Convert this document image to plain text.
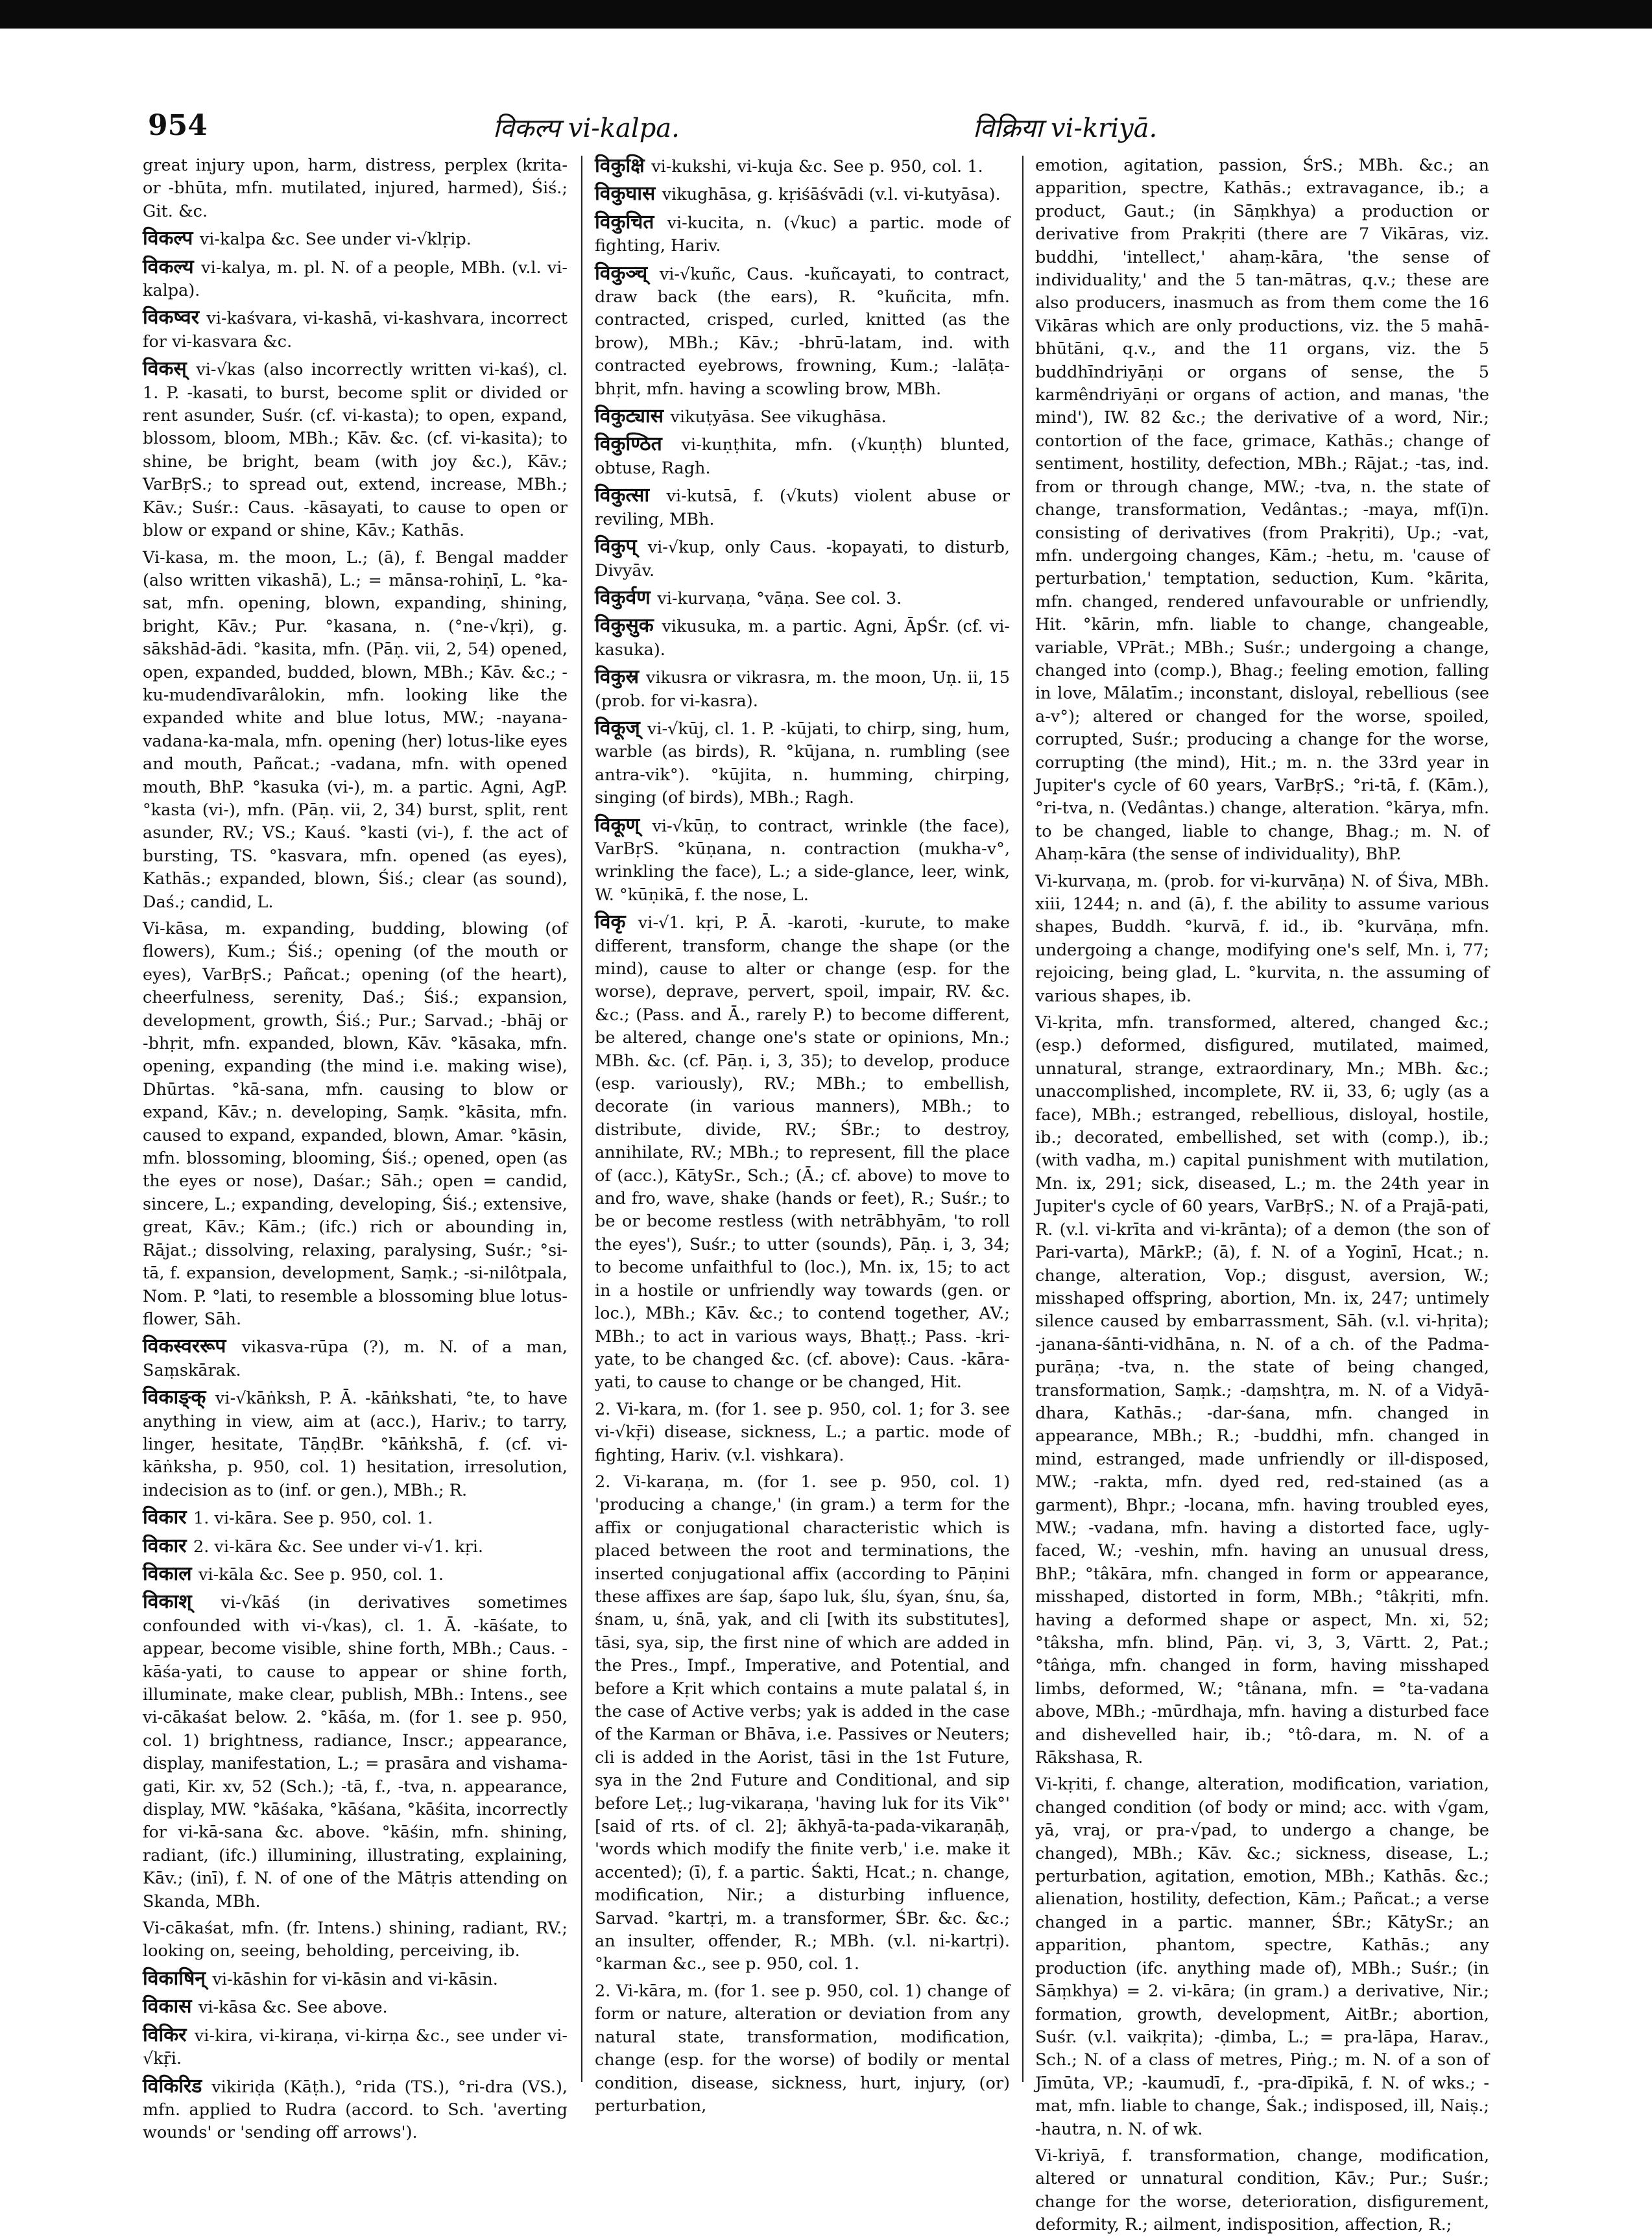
954	विकल्प vi-kalpa.	विक्रिया vi-kriyā.

great injury upon, harm, distress, perplex (krita- or -bhūta, mfn. mutilated, injured, harmed), Śiś.; Git. &c.

विकल्प vi-kalpa &c. See under vi-√klṛip.

विकल्य vi-kalya, m. pl. N. of a people, MBh. (v.l. vi-kalpa).

विकष्वर vi-kaśvara, vi-kashā, vi-kashvara, incorrect for vi-kasvara &c.

विकस् vi-√kas (also incorrectly written vi-kaś), cl. 1. P. -kasati, to burst, become split or divided or rent asunder, Suśr. (cf. vi-kasta); to open, expand, blossom, bloom, MBh.; Kāv. &c. (cf. vi-kasita); to shine, be bright, beam (with joy &c.), Kāv.; VarBṛS.; to spread out, extend, increase, MBh.; Kāv.; Suśr.: Caus. -kāsayati, to cause to open or blow or expand or shine, Kāv.; Kathās.

Vi-kasa, m. the moon, L.; (ā), f. Bengal madder (also written vikashā), L.; = mānsa-rohiṇī, L. °ka-sat, mfn. opening, blown, expanding, shining, bright, Kāv.; Pur. °kasana, n. (°ne-√kṛi), g. sākshād-ādi. °kasita, mfn. (Pāṇ. vii, 2, 54) opened, open, expanded, budded, blown, MBh.; Kāv. &c.; -ku-mudendīvarâlokin, mfn. looking like the expanded white and blue lotus, MW.; -nayana-vadana-ka-mala, mfn. opening (her) lotus-like eyes and mouth, Pañcat.; -vadana, mfn. with opened mouth, BhP. °kasuka (vi-), m. a partic. Agni, AgP. °kasta (vi-), mfn. (Pāṇ. vii, 2, 34) burst, split, rent asunder, RV.; VS.; Kauś. °kasti (vi-), f. the act of bursting, TS. °kasvara, mfn. opened (as eyes), Kathās.; expanded, blown, Śiś.; clear (as sound), Daś.; candid, L.

Vi-kāsa, m. expanding, budding, blowing (of flowers), Kum.; Śiś.; opening (of the mouth or eyes), VarBṛS.; Pañcat.; opening (of the heart), cheerfulness, serenity, Daś.; Śiś.; expansion, development, growth, Śiś.; Pur.; Sarvad.; -bhāj or -bhṛit, mfn. expanded, blown, Kāv. °kāsaka, mfn. opening, expanding (the mind i.e. making wise), Dhūrtas. °kā-sana, mfn. causing to blow or expand, Kāv.; n. developing, Saṃk. °kāsita, mfn. caused to expand, expanded, blown, Amar. °kāsin, mfn. blossoming, blooming, Śiś.; opened, open (as the eyes or nose), Daśar.; Sāh.; open = candid, sincere, L.; expanding, developing, Śiś.; extensive, great, Kāv.; Kām.; (ifc.) rich or abounding in, Rājat.; dissolving, relaxing, paralysing, Suśr.; °si-tā, f. expansion, development, Saṃk.; -si-nilôtpala, Nom. P. °lati, to resemble a blossoming blue lotus-flower, Sāh.

विकस्वररूप vikasva-rūpa (?), m. N. of a man, Saṃskārak.

विकाङ्क् vi-√kāṅksh, P. Ā. -kāṅkshati, °te, to have anything in view, aim at (acc.), Hariv.; to tarry, linger, hesitate, TāṇḍBr. °kāṅkshā, f. (cf. vi-kāṅksha, p. 950, col. 1) hesitation, irresolution, indecision as to (inf. or gen.), MBh.; R.

विकार 1. vi-kāra. See p. 950, col. 1.

विकार 2. vi-kāra &c. See under vi-√1. kṛi.

विकाल vi-kāla &c. See p. 950, col. 1.

विकाश् vi-√kāś (in derivatives sometimes confounded with vi-√kas), cl. 1. Ā. -kāśate, to appear, become visible, shine forth, MBh.; Caus. -kāśa-yati, to cause to appear or shine forth, illuminate, make clear, publish, MBh.: Intens., see vi-cākaśat below. 2. °kāśa, m. (for 1. see p. 950, col. 1) brightness, radiance, Inscr.; appearance, display, manifestation, L.; = prasāra and vishama-gati, Kir. xv, 52 (Sch.); -tā, f., -tva, n. appearance, display, MW. °kāśaka, °kāśana, °kāśita, incorrectly for vi-kā-sana &c. above. °kāśin, mfn. shining, radiant, (ifc.) illumining, illustrating, explaining, Kāv.; (inī), f. N. of one of the Mātṛis attending on Skanda, MBh.

Vi-cākaśat, mfn. (fr. Intens.) shining, radiant, RV.; looking on, seeing, beholding, perceiving, ib.

विकाषिन् vi-kāshin for vi-kāsin and vi-kāsin.

विकास vi-kāsa &c. See above.

विकिर vi-kira, vi-kiraṇa, vi-kirṇa &c., see under vi-√kṝi.

विकिरिड vikiriḍa (Kāṭh.), °rida (TS.), °ri-dra (VS.), mfn. applied to Rudra (accord. to Sch. 'averting wounds' or 'sending off arrows').

विकुक्षि vi-kukshi, vi-kuja &c. See p. 950, col. 1.

विकुघास vikughāsa, g. kṛiśāśvādi (v.l. vi-kutyāsa).

विकुचित vi-kucita, n. (√kuc) a partic. mode of fighting, Hariv.

विकुञ्च् vi-√kuñc, Caus. -kuñcayati, to contract, draw back (the ears), R. °kuñcita, mfn. contracted, crisped, curled, knitted (as the brow), MBh.; Kāv.; -bhrū-latam, ind. with contracted eyebrows, frowning, Kum.; -lalāṭa-bhṛit, mfn. having a scowling brow, MBh.

विकुट्यास vikuṭyāsa. See vikughāsa.

विकुण्ठित vi-kuṇṭhita, mfn. (√kuṇṭh) blunted, obtuse, Ragh.

विकुत्सा vi-kutsā, f. (√kuts) violent abuse or reviling, MBh.

विकुप् vi-√kup, only Caus. -kopayati, to disturb, Divyāv.

विकुर्वण vi-kurvaṇa, °vāṇa. See col. 3.

विकुसुक vikusuka, m. a partic. Agni, ĀpŚr. (cf. vi-kasuka).

विकुस्र vikusra or vikrasra, m. the moon, Uṇ. ii, 15 (prob. for vi-kasra).

विकूज् vi-√kūj, cl. 1. P. -kūjati, to chirp, sing, hum, warble (as birds), R. °kūjana, n. rumbling (see antra-vik°). °kūjita, n. humming, chirping, singing (of birds), MBh.; Ragh.

विकूण् vi-√kūṇ, to contract, wrinkle (the face), VarBṛS. °kūṇana, n. contraction (mukha-v°, wrinkling the face), L.; a side-glance, leer, wink, W. °kūṇikā, f. the nose, L.

विकृ vi-√1. kṛi, P. Ā. -karoti, -kurute, to make different, transform, change the shape (or the mind), cause to alter or change (esp. for the worse), deprave, pervert, spoil, impair, RV. &c. &c.; (Pass. and Ā., rarely P.) to become different, be altered, change one's state or opinions, Mn.; MBh. &c. (cf. Pāṇ. i, 3, 35); to develop, produce (esp. variously), RV.; MBh.; to embellish, decorate (in various manners), MBh.; to distribute, divide, RV.; ŚBr.; to destroy, annihilate, RV.; MBh.; to represent, fill the place of (acc.), KātySr., Sch.; (Ā.; cf. above) to move to and fro, wave, shake (hands or feet), R.; Suśr.; to be or become restless (with netrābhyām, 'to roll the eyes'), Suśr.; to utter (sounds), Pāṇ. i, 3, 34; to become unfaithful to (loc.), Mn. ix, 15; to act in a hostile or unfriendly way towards (gen. or loc.), MBh.; Kāv. &c.; to contend together, AV.; MBh.; to act in various ways, Bhaṭṭ.; Pass. -kri-yate, to be changed &c. (cf. above): Caus. -kāra-yati, to cause to change or be changed, Hit.

2. Vi-kara, m. (for 1. see p. 950, col. 1; for 3. see vi-√kṝi) disease, sickness, L.; a partic. mode of fighting, Hariv. (v.l. vishkara).

2. Vi-karaṇa, m. (for 1. see p. 950, col. 1) 'producing a change,' (in gram.) a term for the affix or conjugational characteristic which is placed between the root and terminations, the inserted conjugational affix (according to Pāṇini these affixes are śap, śapo luk, ślu, śyan, śnu, śa, śnam, u, śnā, yak, and cli [with its substitutes], tāsi, sya, sip, the first nine of which are added in the Pres., Impf., Imperative, and Potential, and before a Kṛit which contains a mute palatal ś, in the case of Active verbs; yak is added in the case of the Karman or Bhāva, i.e. Passives or Neuters; cli is added in the Aorist, tāsi in the 1st Future, sya in the 2nd Future and Conditional, and sip before Leṭ.; lug-vikaraṇa, 'having luk for its Vik°' [said of rts. of cl. 2]; ākhyā-ta-pada-vikaraṇāḥ, 'words which modify the finite verb,' i.e. make it accented); (ī), f. a partic. Śakti, Hcat.; n. change, modification, Nir.; a disturbing influence, Sarvad. °kartṛi, m. a transformer, ŚBr. &c. &c.; an insulter, offender, R.; MBh. (v.l. ni-kartṛi). °karman &c., see p. 950, col. 1.

2. Vi-kāra, m. (for 1. see p. 950, col. 1) change of form or nature, alteration or deviation from any natural state, transformation, modification, change (esp. for the worse) of bodily or mental condition, disease, sickness, hurt, injury, (or) perturbation,

emotion, agitation, passion, ŚrS.; MBh. &c.; an apparition, spectre, Kathās.; extravagance, ib.; a product, Gaut.; (in Sāṃkhya) a production or derivative from Prakṛiti (there are 7 Vikāras, viz. buddhi, 'intellect,' ahaṃ-kāra, 'the sense of individuality,' and the 5 tan-mātras, q.v.; these are also producers, inasmuch as from them come the 16 Vikāras which are only productions, viz. the 5 mahā-bhūtāni, q.v., and the 11 organs, viz. the 5 buddhīndriyāṇi or organs of sense, the 5 karmêndriyāṇi or organs of action, and manas, 'the mind'), IW. 82 &c.; the derivative of a word, Nir.; contortion of the face, grimace, Kathās.; change of sentiment, hostility, defection, MBh.; Rājat.; -tas, ind. from or through change, MW.; -tva, n. the state of change, transformation, Vedântas.; -maya, mf(ī)n. consisting of derivatives (from Prakṛiti), Up.; -vat, mfn. undergoing changes, Kām.; -hetu, m. 'cause of perturbation,' temptation, seduction, Kum. °kārita, mfn. changed, rendered unfavourable or unfriendly, Hit. °kārin, mfn. liable to change, changeable, variable, VPrāt.; MBh.; Suśr.; undergoing a change, changed into (comp.), Bhag.; feeling emotion, falling in love, Mālatīm.; inconstant, disloyal, rebellious (see a-v°); altered or changed for the worse, spoiled, corrupted, Suśr.; producing a change for the worse, corrupting (the mind), Hit.; m. n. the 33rd year in Jupiter's cycle of 60 years, VarBṛS.; °ri-tā, f. (Kām.), °ri-tva, n. (Vedântas.) change, alteration. °kārya, mfn. to be changed, liable to change, Bhag.; m. N. of Ahaṃ-kāra (the sense of individuality), BhP.

Vi-kurvaṇa, m. (prob. for vi-kurvāṇa) N. of Śiva, MBh. xiii, 1244; n. and (ā), f. the ability to assume various shapes, Buddh. °kurvā, f. id., ib. °kurvāṇa, mfn. undergoing a change, modifying one's self, Mn. i, 77; rejoicing, being glad, L. °kurvita, n. the assuming of various shapes, ib.

Vi-kṛita, mfn. transformed, altered, changed &c.; (esp.) deformed, disfigured, mutilated, maimed, unnatural, strange, extraordinary, Mn.; MBh. &c.; unaccomplished, incomplete, RV. ii, 33, 6; ugly (as a face), MBh.; estranged, rebellious, disloyal, hostile, ib.; decorated, embellished, set with (comp.), ib.; (with vadha, m.) capital punishment with mutilation, Mn. ix, 291; sick, diseased, L.; m. the 24th year in Jupiter's cycle of 60 years, VarBṛS.; N. of a Prajā-pati, R. (v.l. vi-krīta and vi-krānta); of a demon (the son of Pari-varta), MārkP.; (ā), f. N. of a Yoginī, Hcat.; n. change, alteration, Vop.; disgust, aversion, W.; misshaped offspring, abortion, Mn. ix, 247; untimely silence caused by embarrassment, Sāh. (v.l. vi-hṛita); -janana-śānti-vidhāna, n. N. of a ch. of the Padma-purāṇa; -tva, n. the state of being changed, transformation, Saṃk.; -daṃshṭra, m. N. of a Vidyā-dhara, Kathās.; -dar-śana, mfn. changed in appearance, MBh.; R.; -buddhi, mfn. changed in mind, estranged, made unfriendly or ill-disposed, MW.; -rakta, mfn. dyed red, red-stained (as a garment), Bhpr.; -locana, mfn. having troubled eyes, MW.; -vadana, mfn. having a distorted face, ugly-faced, W.; -veshin, mfn. having an unusual dress, BhP.; °tâkāra, mfn. changed in form or appearance, misshaped, distorted in form, MBh.; °tâkṛiti, mfn. having a deformed shape or aspect, Mn. xi, 52; °tâksha, mfn. blind, Pāṇ. vi, 3, 3, Vārtt. 2, Pat.; °tâṅga, mfn. changed in form, having misshaped limbs, deformed, W.; °tânana, mfn. = °ta-vadana above, MBh.; -mūrdhaja, mfn. having a disturbed face and dishevelled hair, ib.; °tô-dara, m. N. of a Rākshasa, R.

Vi-kṛiti, f. change, alteration, modification, variation, changed condition (of body or mind; acc. with √gam, yā, vraj, or pra-√pad, to undergo a change, be changed), MBh.; Kāv. &c.; sickness, disease, L.; perturbation, agitation, emotion, MBh.; Kathās. &c.; alienation, hostility, defection, Kām.; Pañcat.; a verse changed in a partic. manner, ŚBr.; KātySr.; an apparition, phantom, spectre, Kathās.; any production (ifc. anything made of), MBh.; Suśr.; (in Sāṃkhya) = 2. vi-kāra; (in gram.) a derivative, Nir.; formation, growth, development, AitBr.; abortion, Suśr. (v.l. vaikṛita); -ḍimba, L.; = pra-lāpa, Harav., Sch.; N. of a class of metres, Piṅg.; m. N. of a son of Jīmūta, VP.; -kaumudī, f., -pra-dīpikā, f. N. of wks.; -mat, mfn. liable to change, Śak.; indisposed, ill, Naiṣ.; -hautra, n. N. of wk.

Vi-kriyā, f. transformation, change, modification, altered or unnatural condition, Kāv.; Pur.; Suśr.; change for the worse, deterioration, disfigurement, deformity, R.; ailment, indisposition, affection, R.;
